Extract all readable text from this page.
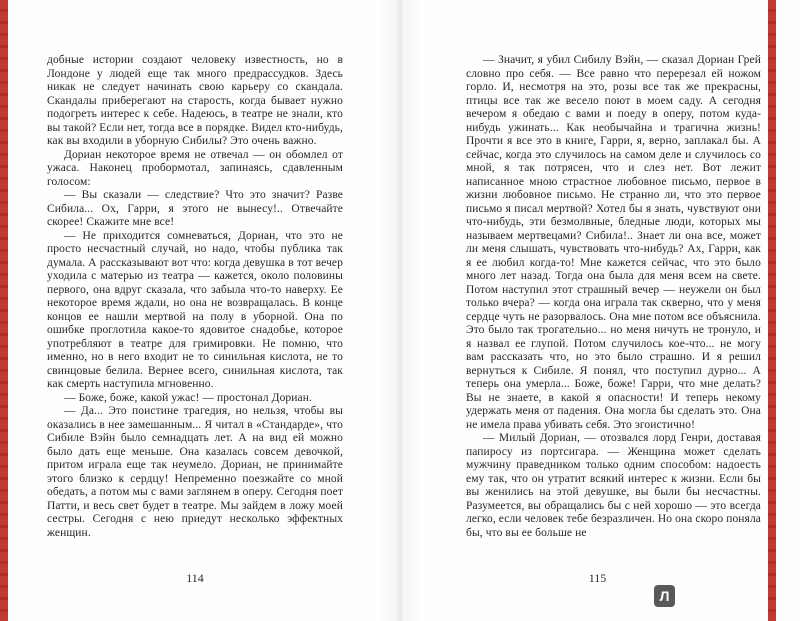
добные истории создают человеку известность, но в Лондоне у людей еще так много предрассудков. Здесь никак не следует начинать свою карьеру со скандала. Скандалы приберегают на старость, когда бывает нужно подогреть интерес к себе. Надеюсь, в театре не знали, кто вы такой? Если нет, тогда все в порядке. Видел кто-нибудь, как вы входили в уборную Сибилы? Это очень важно.

Дориан некоторое время не отвечал — он обомлел от ужаса. Наконец пробормотал, запинаясь, сдавленным голосом:

— Вы сказали — следствие? Что это значит? Разве Сибила... Ох, Гарри, я этого не вынесу!.. Отвечайте скорее! Скажите мне все!

— Не приходится сомневаться, Дориан, что это не просто несчастный случай, но надо, чтобы публика так думала. А рассказывают вот что: когда девушка в тот вечер уходила с матерью из театра — кажется, около половины первого, она вдруг сказала, что забыла что-то наверху. Ее некоторое время ждали, но она не возвращалась. В конце концов ее нашли мертвой на полу в уборной. Она по ошибке проглотила какое-то ядовитое снадобье, которое употребляют в театре для гримировки. Не помню, что именно, но в него входит не то синильная кислота, не то свинцовые белила. Вернее всего, синильная кислота, так как смерть наступила мгновенно.

— Боже, боже, какой ужас! — простонал Дориан.

— Да... Это поистине трагедия, но нельзя, чтобы вы оказались в нее замешанным... Я читал в «Стандарде», что Сибиле Вэйн было семнадцать лет. А на вид ей можно было дать еще меньше. Она казалась совсем девочкой, притом играла еще так неумело. Дориан, не принимайте этого близко к сердцу! Непременно поезжайте со мной обедать, а потом мы с вами заглянем в оперу. Сегодня поет Патти, и весь свет будет в театре. Мы зайдем в ложу моей сестры. Сегодня с нею приедут несколько эффектных женщин.

— Значит, я убил Сибилу Вэйн, — сказал Дориан Грей словно про себя. — Все равно что перерезал ей ножом горло. И, несмотря на это, розы все так же прекрасны, птицы все так же весело поют в моем саду. А сегодня вечером я обедаю с вами и поеду в оперу, потом куда-нибудь ужинать... Как необычайна и трагична жизнь! Прочти я все это в книге, Гарри, я, верно, заплакал бы. А сейчас, когда это случилось на самом деле и случилось со мной, я так потрясен, что и слез нет. Вот лежит написанное мною страстное любовное письмо, первое в жизни любовное письмо. Не странно ли, что это первое письмо я писал мертвой? Хотел бы я знать, чувствуют они что-нибудь, эти безмолвные, бледные люди, которых мы называем мертвецами? Сибила!.. Знает ли она все, может ли меня слышать, чувствовать что-нибудь? Ах, Гарри, как я ее любил когда-то! Мне кажется сейчас, что это было много лет назад. Тогда она была для меня всем на свете. Потом наступил этот страшный вечер — неужели он был только вчера? — когда она играла так скверно, что у меня сердце чуть не разорвалось. Она мне потом все объяснила. Это было так трогательно... но меня ничуть не тронуло, и я назвал ее глупой. Потом случилось кое-что... не могу вам рассказать что, но это было страшно. И я решил вернуться к Сибиле. Я понял, что поступил дурно... А теперь она умерла... Боже, боже! Гарри, что мне делать? Вы не знаете, в какой я опасности! И теперь некому удержать меня от падения. Она могла бы сделать это. Она не имела права убивать себя. Это эгоистично!

— Милый Дориан, — отозвался лорд Генри, доставая папиросу из портсигара. — Женщина может сделать мужчину праведником только одним способом: надоесть ему так, что он утратит всякий интерес к жизни. Если бы вы женились на этой девушке, вы были бы несчастны. Разумеется, вы обращались бы с ней хорошо — это всегда легко, если человек тебе безразличен. Но она скоро поняла бы, что вы ее больше не

114	115
Л
